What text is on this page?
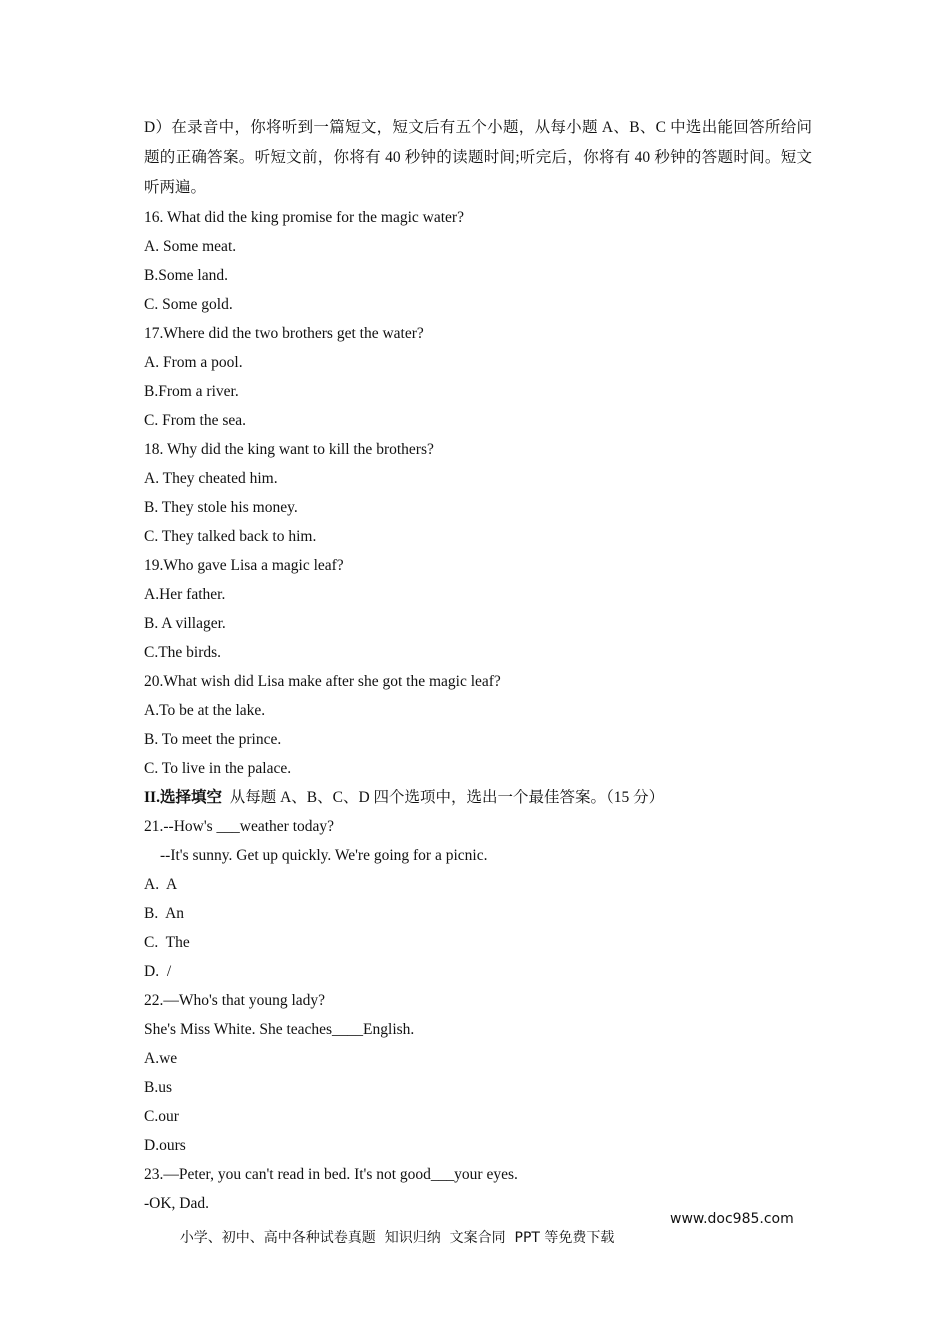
D）在录音中，你将听到一篇短文，短文后有五个小题，从每小题 A、B、C 中选出能回答所给问题的正确答案。听短文前，你将有 40 秒钟的读题时间;听完后，你将有 40 秒钟的答题时间。短文听两遍。

16. What did the king promise for the magic water?
A. Some meat.
B.Some land.
C. Some gold.
17.Where did the two brothers get the water?
A. From a pool.
B.From a river.
C. From the sea.
18. Why did the king want to kill the brothers?
A. They cheated him.
B. They stole his money.
C. They talked back to him.
19.Who gave Lisa a magic leaf?
A.Her father.
B. A villager.
C.The birds.
20.What wish did Lisa make after she got the magic leaf?
A.To be at the lake.
B. To meet the prince.
C. To live in the palace.
II.选择填空  从每题 A、B、C、D 四个选项中，选出一个最佳答案。（15 分）
21.--How's ___weather today?
--It's sunny. Get up quickly. We're going for a picnic.
A.  A
B.  An
C.  The
D.  /
22.—Who's that young lady?
She's Miss White. She teaches____English.
A.we
B.us
C.our
D.ours
23.—Peter, you can't read in bed. It's not good___your eyes.
-OK, Dad.

小学、初中、高中各种试卷真题  知识归纳  文案合同  PPT 等免费下载

www.doc985.com
